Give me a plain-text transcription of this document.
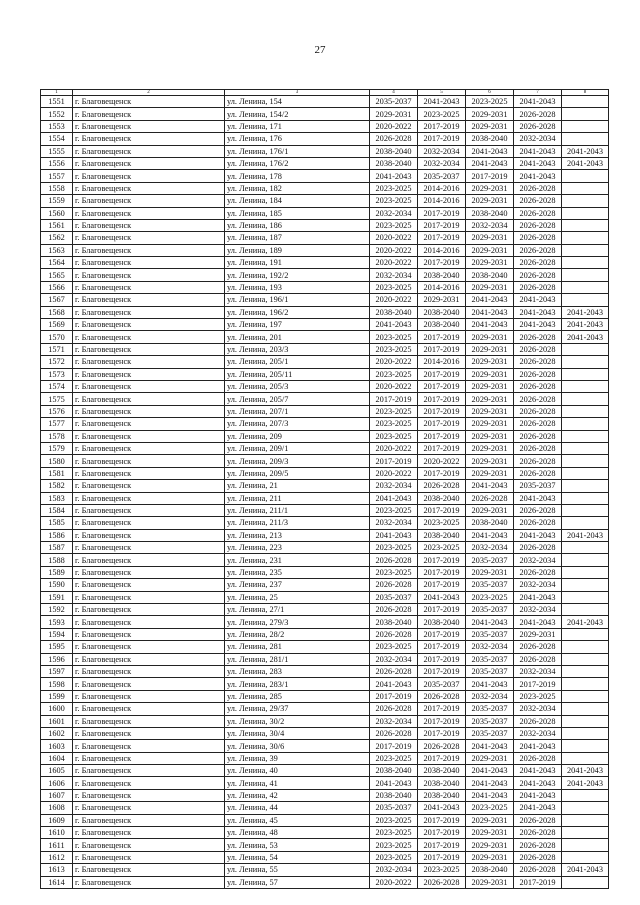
27
1	2	3	4	5	6	7	8
1551	г. Благовещенск	ул. Ленина, 154	2035-2037	2041-2043	2023-2025	2041-2043	
1552	г. Благовещенск	ул. Ленина, 154/2	2029-2031	2023-2025	2029-2031	2026-2028	
1553	г. Благовещенск	ул. Ленина, 171	2020-2022	2017-2019	2029-2031	2026-2028	
1554	г. Благовещенск	ул. Ленина, 176	2026-2028	2017-2019	2038-2040	2032-2034	
1555	г. Благовещенск	ул. Ленина, 176/1	2038-2040	2032-2034	2041-2043	2041-2043	2041-2043
1556	г. Благовещенск	ул. Ленина, 176/2	2038-2040	2032-2034	2041-2043	2041-2043	2041-2043
1557	г. Благовещенск	ул. Ленина, 178	2041-2043	2035-2037	2017-2019	2041-2043	
1558	г. Благовещенск	ул. Ленина, 182	2023-2025	2014-2016	2029-2031	2026-2028	
1559	г. Благовещенск	ул. Ленина, 184	2023-2025	2014-2016	2029-2031	2026-2028	
1560	г. Благовещенск	ул. Ленина, 185	2032-2034	2017-2019	2038-2040	2026-2028	
1561	г. Благовещенск	ул. Ленина, 186	2023-2025	2017-2019	2032-2034	2026-2028	
1562	г. Благовещенск	ул. Ленина, 187	2020-2022	2017-2019	2029-2031	2026-2028	
1563	г. Благовещенск	ул. Ленина, 189	2020-2022	2014-2016	2029-2031	2026-2028	
1564	г. Благовещенск	ул. Ленина, 191	2020-2022	2017-2019	2029-2031	2026-2028	
1565	г. Благовещенск	ул. Ленина, 192/2	2032-2034	2038-2040	2038-2040	2026-2028	
1566	г. Благовещенск	ул. Ленина, 193	2023-2025	2014-2016	2029-2031	2026-2028	
1567	г. Благовещенск	ул. Ленина, 196/1	2020-2022	2029-2031	2041-2043	2041-2043	
1568	г. Благовещенск	ул. Ленина, 196/2	2038-2040	2038-2040	2041-2043	2041-2043	2041-2043
1569	г. Благовещенск	ул. Ленина, 197	2041-2043	2038-2040	2041-2043	2041-2043	2041-2043
1570	г. Благовещенск	ул. Ленина, 201	2023-2025	2017-2019	2029-2031	2026-2028	2041-2043
1571	г. Благовещенск	ул. Ленина, 203/3	2023-2025	2017-2019	2029-2031	2026-2028	
1572	г. Благовещенск	ул. Ленина, 205/1	2020-2022	2014-2016	2029-2031	2026-2028	
1573	г. Благовещенск	ул. Ленина, 205/11	2023-2025	2017-2019	2029-2031	2026-2028	
1574	г. Благовещенск	ул. Ленина, 205/3	2020-2022	2017-2019	2029-2031	2026-2028	
1575	г. Благовещенск	ул. Ленина, 205/7	2017-2019	2017-2019	2029-2031	2026-2028	
1576	г. Благовещенск	ул. Ленина, 207/1	2023-2025	2017-2019	2029-2031	2026-2028	
1577	г. Благовещенск	ул. Ленина, 207/3	2023-2025	2017-2019	2029-2031	2026-2028	
1578	г. Благовещенск	ул. Ленина, 209	2023-2025	2017-2019	2029-2031	2026-2028	
1579	г. Благовещенск	ул. Ленина, 209/1	2020-2022	2017-2019	2029-2031	2026-2028	
1580	г. Благовещенск	ул. Ленина, 209/3	2017-2019	2020-2022	2029-2031	2026-2028	
1581	г. Благовещенск	ул. Ленина, 209/5	2020-2022	2017-2019	2029-2031	2026-2028	
1582	г. Благовещенск	ул. Ленина, 21	2032-2034	2026-2028	2041-2043	2035-2037	
1583	г. Благовещенск	ул. Ленина, 211	2041-2043	2038-2040	2026-2028	2041-2043	
1584	г. Благовещенск	ул. Ленина, 211/1	2023-2025	2017-2019	2029-2031	2026-2028	
1585	г. Благовещенск	ул. Ленина, 211/3	2032-2034	2023-2025	2038-2040	2026-2028	
1586	г. Благовещенск	ул. Ленина, 213	2041-2043	2038-2040	2041-2043	2041-2043	2041-2043
1587	г. Благовещенск	ул. Ленина, 223	2023-2025	2023-2025	2032-2034	2026-2028	
1588	г. Благовещенск	ул. Ленина, 231	2026-2028	2017-2019	2035-2037	2032-2034	
1589	г. Благовещенск	ул. Ленина, 235	2023-2025	2017-2019	2029-2031	2026-2028	
1590	г. Благовещенск	ул. Ленина, 237	2026-2028	2017-2019	2035-2037	2032-2034	
1591	г. Благовещенск	ул. Ленина, 25	2035-2037	2041-2043	2023-2025	2041-2043	
1592	г. Благовещенск	ул. Ленина, 27/1	2026-2028	2017-2019	2035-2037	2032-2034	
1593	г. Благовещенск	ул. Ленина, 279/3	2038-2040	2038-2040	2041-2043	2041-2043	2041-2043
1594	г. Благовещенск	ул. Ленина, 28/2	2026-2028	2017-2019	2035-2037	2029-2031	
1595	г. Благовещенск	ул. Ленина, 281	2023-2025	2017-2019	2032-2034	2026-2028	
1596	г. Благовещенск	ул. Ленина, 281/1	2032-2034	2017-2019	2035-2037	2026-2028	
1597	г. Благовещенск	ул. Ленина, 283	2026-2028	2017-2019	2035-2037	2032-2034	
1598	г. Благовещенск	ул. Ленина, 283/1	2041-2043	2035-2037	2041-2043	2017-2019	
1599	г. Благовещенск	ул. Ленина, 285	2017-2019	2026-2028	2032-2034	2023-2025	
1600	г. Благовещенск	ул. Ленина, 29/37	2026-2028	2017-2019	2035-2037	2032-2034	
1601	г. Благовещенск	ул. Ленина, 30/2	2032-2034	2017-2019	2035-2037	2026-2028	
1602	г. Благовещенск	ул. Ленина, 30/4	2026-2028	2017-2019	2035-2037	2032-2034	
1603	г. Благовещенск	ул. Ленина, 30/6	2017-2019	2026-2028	2041-2043	2041-2043	
1604	г. Благовещенск	ул. Ленина, 39	2023-2025	2017-2019	2029-2031	2026-2028	
1605	г. Благовещенск	ул. Ленина, 40	2038-2040	2038-2040	2041-2043	2041-2043	2041-2043
1606	г. Благовещенск	ул. Ленина, 41	2041-2043	2038-2040	2041-2043	2041-2043	2041-2043
1607	г. Благовещенск	ул. Ленина, 42	2038-2040	2038-2040	2041-2043	2041-2043	
1608	г. Благовещенск	ул. Ленина, 44	2035-2037	2041-2043	2023-2025	2041-2043	
1609	г. Благовещенск	ул. Ленина, 45	2023-2025	2017-2019	2029-2031	2026-2028	
1610	г. Благовещенск	ул. Ленина, 48	2023-2025	2017-2019	2029-2031	2026-2028	
1611	г. Благовещенск	ул. Ленина, 53	2023-2025	2017-2019	2029-2031	2026-2028	
1612	г. Благовещенск	ул. Ленина, 54	2023-2025	2017-2019	2029-2031	2026-2028	
1613	г. Благовещенск	ул. Ленина, 55	2032-2034	2023-2025	2038-2040	2026-2028	2041-2043
1614	г. Благовещенск	ул. Ленина, 57	2020-2022	2026-2028	2029-2031	2017-2019	
